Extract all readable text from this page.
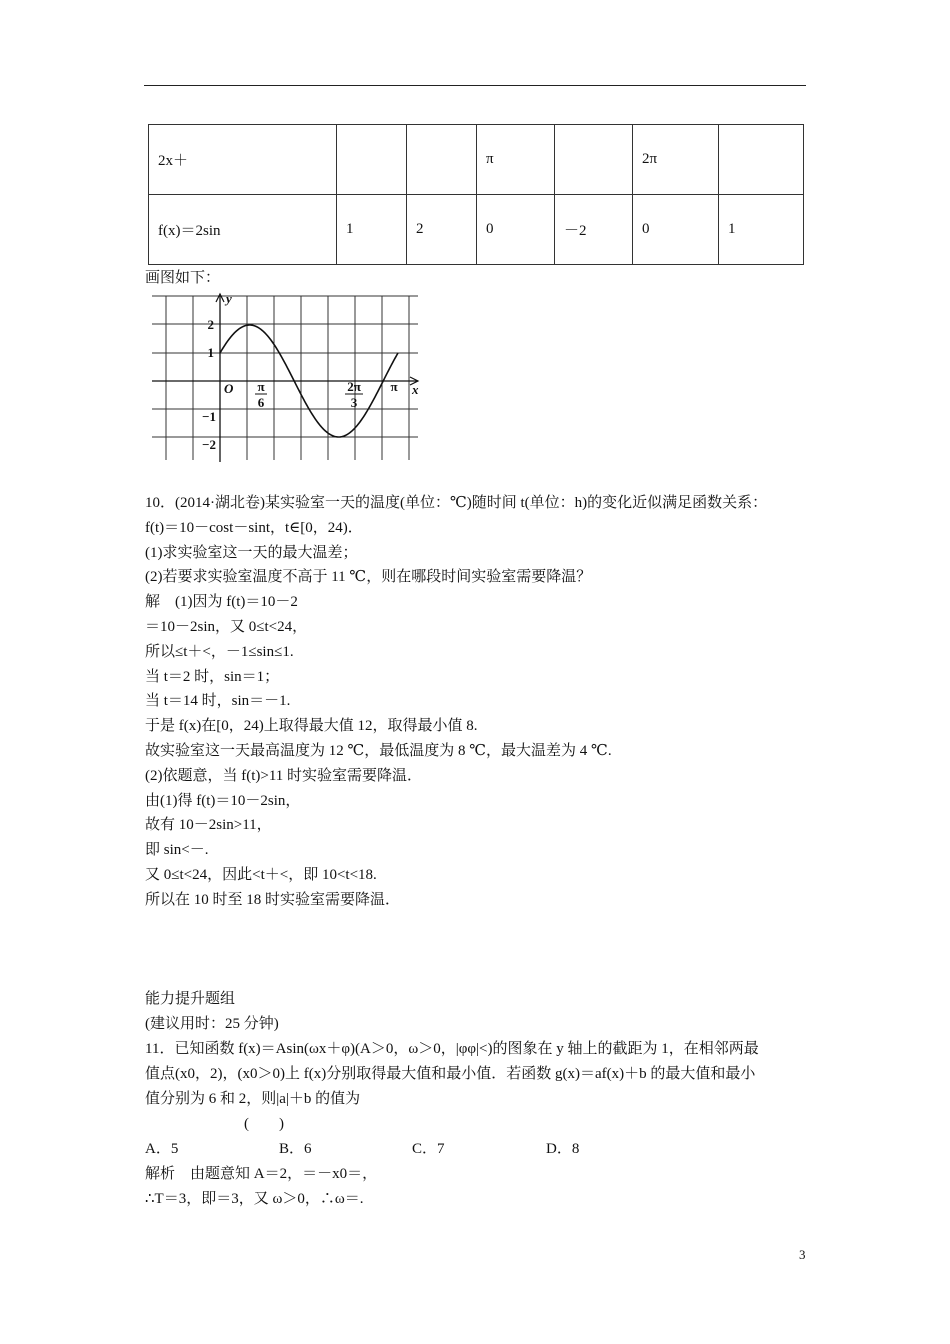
2x＋			π		2π	
f(x)＝2sin	1	2	0	－2	0	1
画图如下：
y
x
O
2
1
−1
−2
π
6
2π
3
π
10．(2014·湖北卷)某实验室一天的温度(单位：℃)随时间 t(单位：h)的变化近似满足函数关系：
f(t)＝10－cost－sint，t∈[0，24)．
(1)求实验室这一天的最大温差；
(2)若要求实验室温度不高于 11 ℃，则在哪段时间实验室需要降温？
解　(1)因为 f(t)＝10－2
＝10－2sin，又 0≤t<24，
所以≤t＋<，－1≤sin≤1.
当 t＝2 时，sin＝1；
当 t＝14 时，sin＝－1.
于是 f(x)在[0，24)上取得最大值 12，取得最小值 8.
故实验室这一天最高温度为 12 ℃，最低温度为 8 ℃，最大温差为 4 ℃.
(2)依题意，当 f(t)>11 时实验室需要降温．
由(1)得 f(t)＝10－2sin，
故有 10－2sin>11，
即 sin<－.
又 0≤t<24，因此<t＋<，即 10<t<18.
所以在 10 时至 18 时实验室需要降温．
能力提升题组
(建议用时：25 分钟)
11．已知函数 f(x)＝Asin(ωx＋φ)(A＞0，ω＞0，|φφ|<)的图象在 y 轴上的截距为 1，在相邻两最
值点(x0，2)，(x0＞0)上 f(x)分别取得最大值和最小值．若函数 g(x)＝af(x)＋b 的最大值和最小
值分别为 6 和 2，则|a|＋b 的值为
(　　)
A．5	B．6	C．7	D．8
解析　由题意知 A＝2，＝－x0＝，
∴T＝3，即＝3，又 ω＞0，∴ω＝.
3
